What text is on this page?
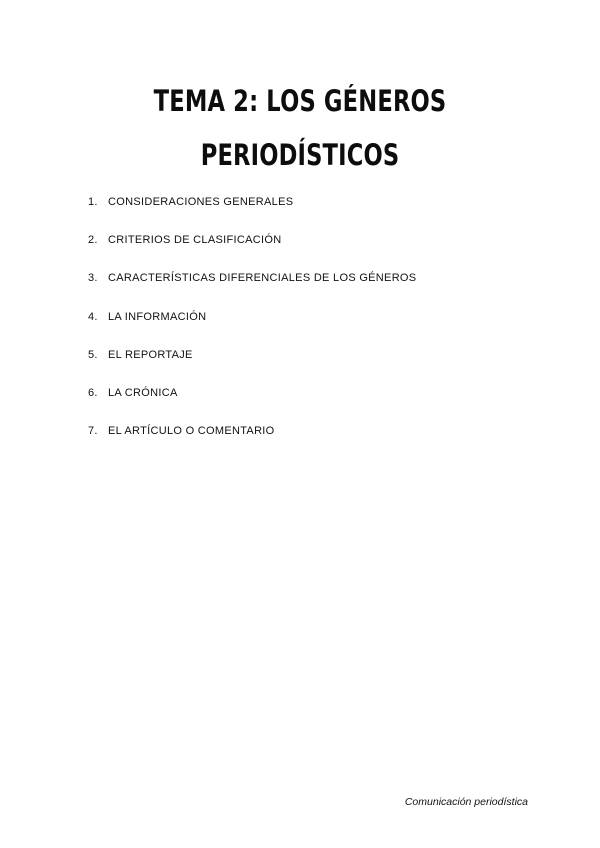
TEMA 2: LOS GÉNEROS
PERIODÍSTICOS
1. CONSIDERACIONES GENERALES
2. CRITERIOS DE CLASIFICACIÓN
3. CARACTERÍSTICAS DIFERENCIALES DE LOS GÉNEROS
4. LA INFORMACIÓN
5. EL REPORTAJE
6. LA CRÓNICA
7. EL ARTÍCULO O COMENTARIO
Comunicación periodística
